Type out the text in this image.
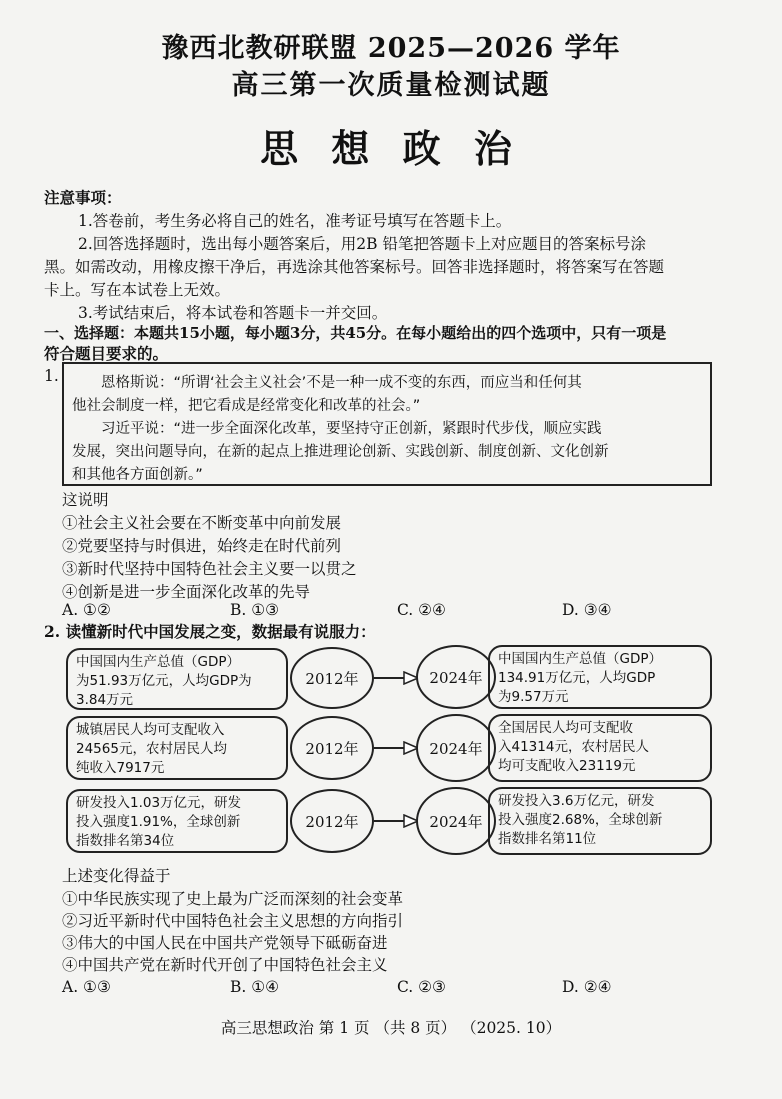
豫西北教研联盟 2025—2026 学年
高三第一次质量检测试题
思 想 政 治
注意事项：
1.答卷前，考生务必将自己的姓名，准考证号填写在答题卡上。
2.回答选择题时，选出每小题答案后，用2B 铅笔把答题卡上对应题目的答案标号涂
黑。如需改动，用橡皮擦干净后，再选涂其他答案标号。回答非选择题时，将答案写在答题
卡上。写在本试卷上无效。
3.考试结束后，将本试卷和答题卡一并交回。
一、选择题：本题共15小题，每小题3分，共45分。在每小题给出的四个选项中，只有一项是
符合题目要求的。
1.	恩格斯说：“所谓‘社会主义社会’不是一种一成不变的东西，而应当和任何其

他社会制度一样，把它看成是经常变化和改革的社会。”

习近平说：“进一步全面深化改革，要坚持守正创新，紧跟时代步伐，顺应实践

发展，突出问题导向，在新的起点上推进理论创新、实践创新、制度创新、文化创新

和其他各方面创新。”

这说明
①社会主义社会要在不断变革中向前发展
②党要坚持与时俱进，始终走在时代前列
③新时代坚持中国特色社会主义要一以贯之
④创新是进一步全面深化改革的先导
A. ①②	B. ①③	C. ②④	D. ③④
2. 读懂新时代中国发展之变，数据最有说服力：
中国国内生产总值（GDP）
为51.93万亿元，人均GDP为
3.84万元
2012年	2024年
中国国内生产总值（GDP）
134.91万亿元，人均GDP
为9.57万元
城镇居民人均可支配收入
24565元，农村居民人均
纯收入7917元
2012年	2024年
全国居民人均可支配收
入41314元，农村居民人
均可支配收入23119元
研发投入1.03万亿元，研发
投入强度1.91%，全球创新
指数排名第34位
2012年	2024年
研发投入3.6万亿元，研发
投入强度2.68%，全球创新
指数排名第11位
上述变化得益于
①中华民族实现了史上最为广泛而深刻的社会变革
②习近平新时代中国特色社会主义思想的方向指引
③伟大的中国人民在中国共产党领导下砥砺奋进
④中国共产党在新时代开创了中国特色社会主义
A. ①③	B. ①④	C. ②③	D. ②④
高三思想政治 第 1 页 （共 8 页） （2025. 10）
